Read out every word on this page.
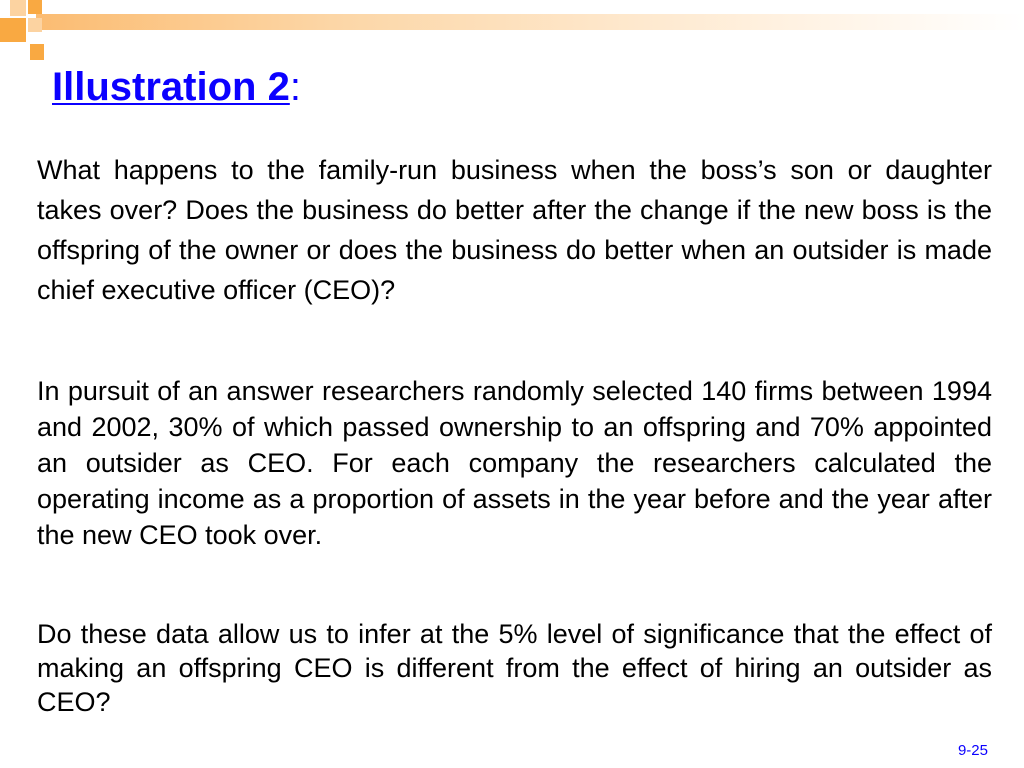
Illustration 2:

What happens to the family-run business when the boss’s son or daughter takes over? Does the business do better after the change if the new boss is the offspring of the owner or does the business do better when an outsider is made chief executive officer (CEO)?

In pursuit of an answer researchers randomly selected 140 firms between 1994 and 2002, 30% of which passed ownership to an offspring and 70% appointed an outsider as CEO. For each company the researchers calculated the operating income as a proportion of assets in the year before and the year after the new CEO took over.

Do these data allow us to infer at the 5% level of significance that the effect of making an offspring CEO is different from the effect of hiring an outsider as CEO?

9-25
